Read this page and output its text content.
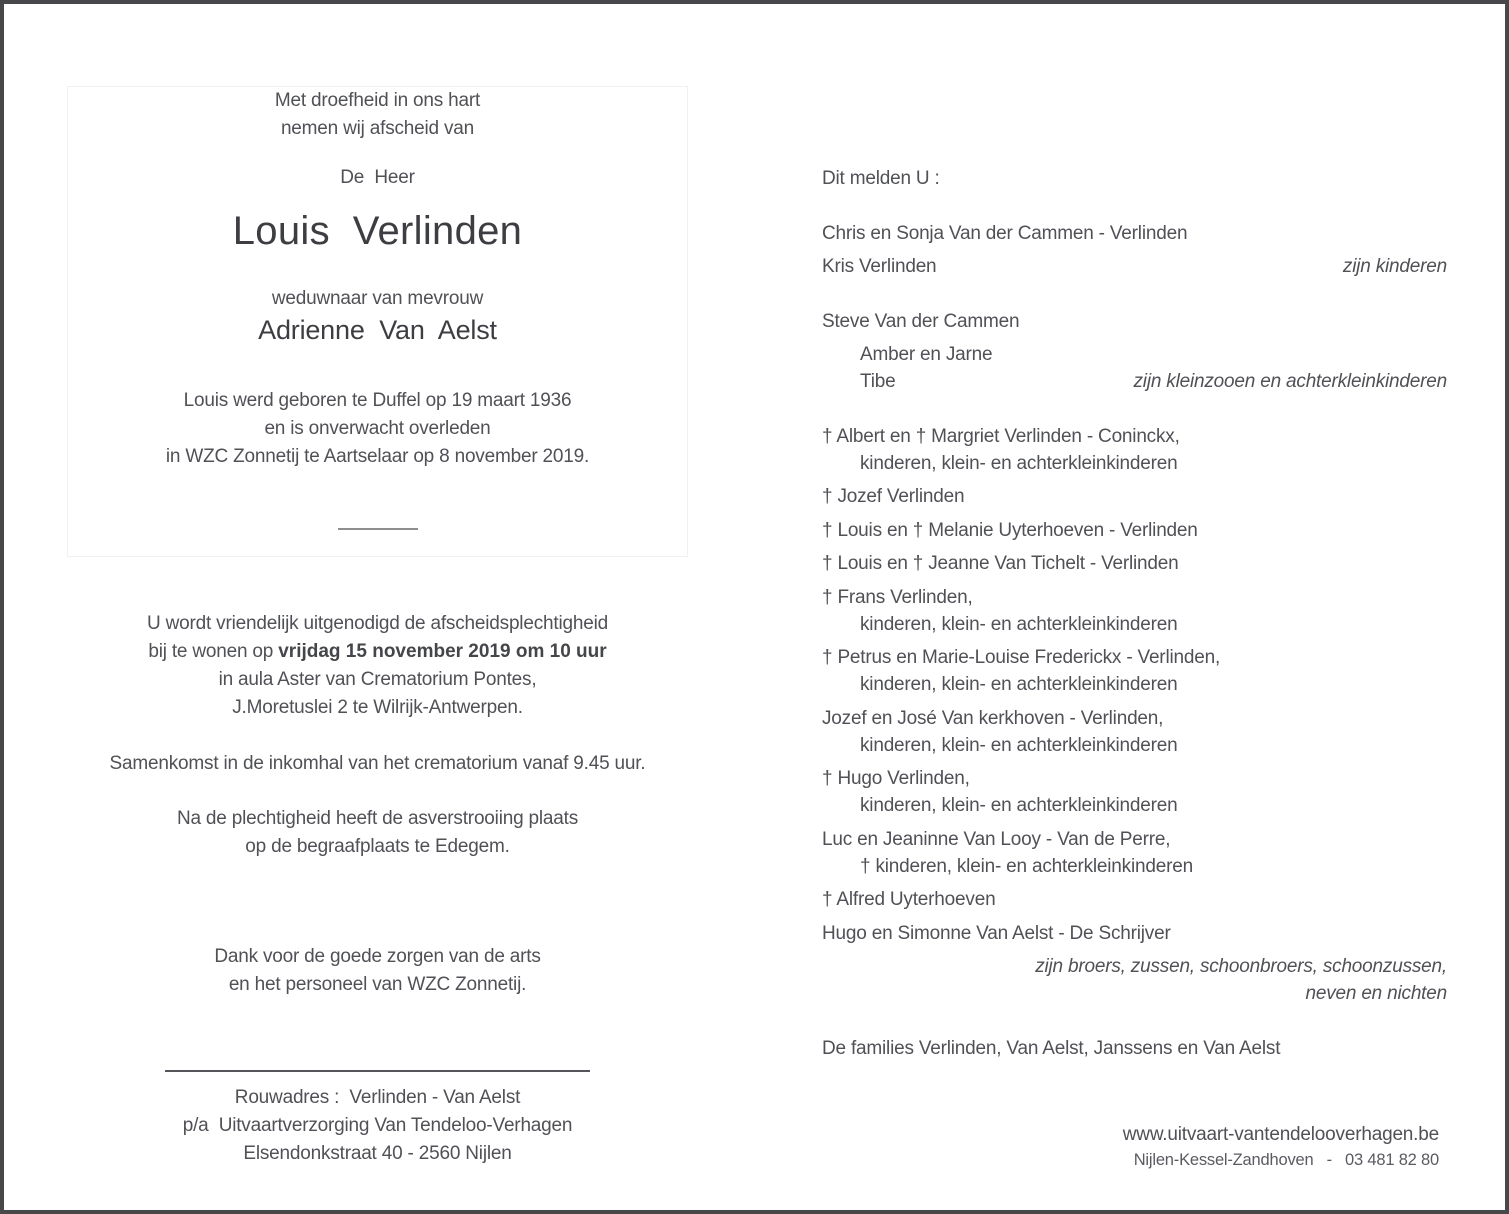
Met droefheid in ons hart
nemen wij afscheid van
De  Heer
Louis  Verlinden
weduwnaar van mevrouw
Adrienne  Van  Aelst
Louis werd geboren te Duffel op 19 maart 1936
en is onverwacht overleden
in WZC Zonnetij te Aartselaar op 8 november 2019.
U wordt vriendelijk uitgenodigd de afscheidsplechtigheid
bij te wonen op vrijdag 15 november 2019 om 10 uur
in aula Aster van Crematorium Pontes,
J.Moretuslei 2 te Wilrijk-Antwerpen.
Samenkomst in de inkomhal van het crematorium vanaf 9.45 uur.
Na de plechtigheid heeft de asverstrooiing plaats
op de begraafplaats te Edegem.
Dank voor de goede zorgen van de arts
en het personeel van WZC Zonnetij.
Rouwadres :  Verlinden - Van Aelst
p/a  Uitvaartverzorging Van Tendeloo-Verhagen
Elsendonkstraat 40 - 2560 Nijlen
Dit melden U :
Chris en Sonja Van der Cammen - Verlinden
Kris Verlinden	zijn kinderen
Steve Van der Cammen
Amber en Jarne
Tibe	zijn kleinzooen en achterkleinkinderen
† Albert en † Margriet Verlinden - Coninckx,
kinderen, klein- en achterkleinkinderen
† Jozef Verlinden
† Louis en † Melanie Uyterhoeven - Verlinden
† Louis en † Jeanne Van Tichelt - Verlinden
† Frans Verlinden,
kinderen, klein- en achterkleinkinderen
† Petrus en Marie-Louise Frederickx - Verlinden,
kinderen, klein- en achterkleinkinderen
Jozef en José Van kerkhoven - Verlinden,
kinderen, klein- en achterkleinkinderen
† Hugo Verlinden,
kinderen, klein- en achterkleinkinderen
Luc en Jeaninne Van Looy - Van de Perre,
† kinderen, klein- en achterkleinkinderen
† Alfred Uyterhoeven
Hugo en Simonne Van Aelst - De Schrijver
zijn broers, zussen, schoonbroers, schoonzussen,
neven en nichten
De families Verlinden, Van Aelst, Janssens en Van Aelst
www.uitvaart-vantendelooverhagen.be
Nijlen-Kessel-Zandhoven   -   03 481 82 80
